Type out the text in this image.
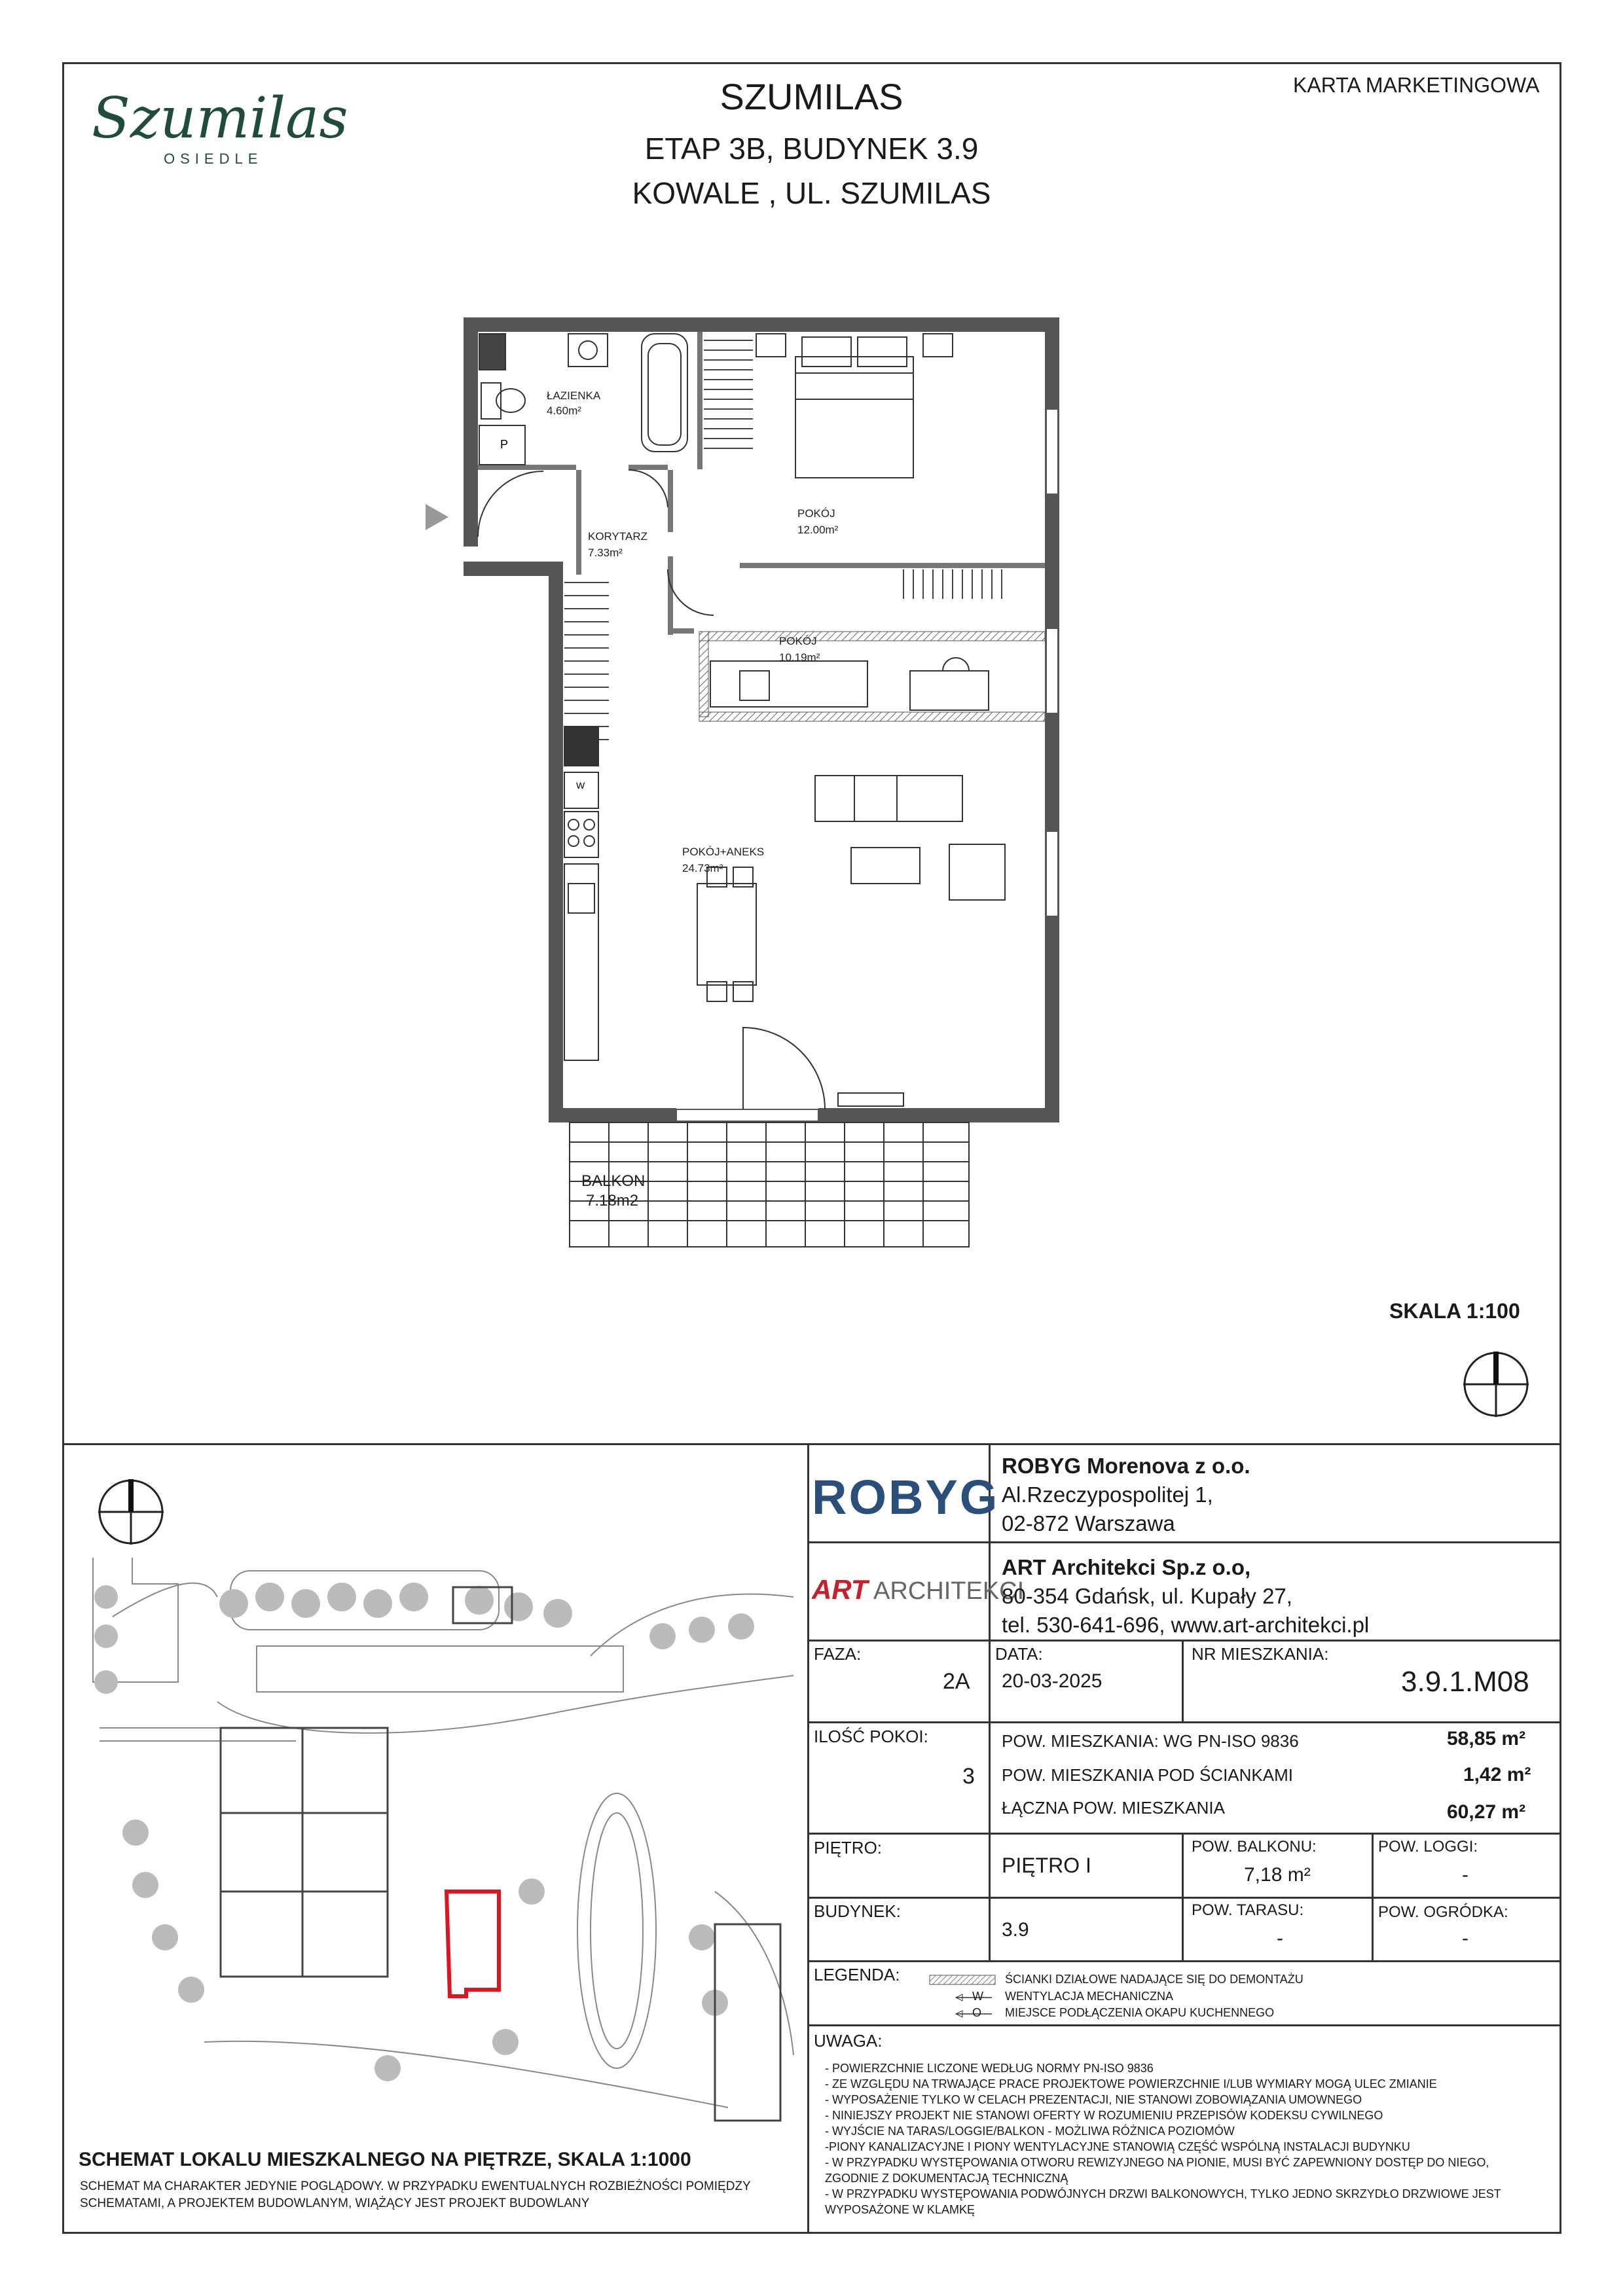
Szumilas
OSIEDLE
SZUMILAS
ETAP 3B, BUDYNEK 3.9
KOWALE , UL. SZUMILAS
KARTA MARKETINGOWA
P
W
ŁAZIENKA
4.60m²
KORYTARZ
7.33m²
POKÓJ
12.00m²
POKÓJ
10.19m²
POKÓJ+ANEKS
24.73m²
BALKON
7.18m2
SKALA 1:100
SCHEMAT LOKALU MIESZKALNEGO NA PIĘTRZE, SKALA 1:1000
SCHEMAT MA CHARAKTER JEDYNIE POGLĄDOWY. W PRZYPADKU EWENTUALNYCH ROZBIEŻNOŚCI POMIĘDZY SCHEMATAMI, A PROJEKTEM BUDOWLANYM, WIĄŻĄCY JEST PROJEKT BUDOWLANY
ROBYG
ROBYG Morenova z o.o.
Al.Rzeczypospolitej 1,
02-872 Warszawa
ART ARCHITEKCI
ART Architekci Sp.z o.o,
80-354 Gdańsk, ul. Kupały 27,
tel. 530-641-696, www.art-architekci.pl
FAZA:
2A
DATA:
20-03-2025
NR MIESZKANIA:
3.9.1.M08
ILOŚĆ POKOI:
3
POW. MIESZKANIA: WG PN-ISO 9836	58,85 m²
POW. MIESZKANIA POD ŚCIANKAMI	1,42 m²
ŁĄCZNA POW. MIESZKANIA	60,27 m²
PIĘTRO:
PIĘTRO I
POW. BALKONU:
7,18 m²
POW. LOGGI:
-
BUDYNEK:
3.9
POW. TARASU:
-
POW. OGRÓDKA:
-
LEGENDA:	ŚCIANKI DZIAŁOWE NADAJĄCE SIĘ DO DEMONTAŻU
W WENTYLACJA MECHANICZNA
O MIEJSCE PODŁĄCZENIA OKAPU KUCHENNEGO
UWAGA:
- POWIERZCHNIE LICZONE WEDŁUG NORMY PN-ISO 9836
- ZE WZGLĘDU NA TRWAJĄCE PRACE PROJEKTOWE POWIERZCHNIE I/LUB WYMIARY MOGĄ ULEC ZMIANIE
- WYPOSAŻENIE TYLKO W CELACH PREZENTACJI, NIE STANOWI ZOBOWIĄZANIA UMOWNEGO
- NINIEJSZY PROJEKT NIE STANOWI OFERTY W ROZUMIENIU PRZEPISÓW KODEKSU CYWILNEGO
- WYJŚCIE NA TARAS/LOGGIE/BALKON - MOŻLIWA RÓŻNICA POZIOMÓW
-PIONY KANALIZACYJNE I PIONY WENTYLACYJNE STANOWIĄ CZĘŚĆ WSPÓLNĄ INSTALACJI BUDYNKU
- W PRZYPADKU WYSTĘPOWANIA OTWORU REWIZYJNEGO NA PIONIE, MUSI BYĆ ZAPEWNIONY DOSTĘP DO NIEGO,
ZGODNIE Z DOKUMENTACJĄ TECHNICZNĄ
- W PRZYPADKU WYSTĘPOWANIA PODWÓJNYCH DRZWI BALKONOWYCH, TYLKO JEDNO SKRZYDŁO DRZWIOWE JEST
WYPOSAŻONE W KLAMKĘ
